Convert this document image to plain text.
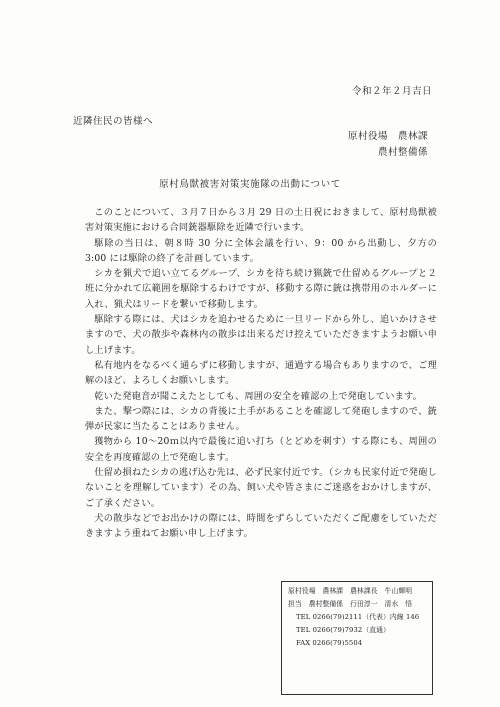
令和２年２月吉日
近隣住民の皆様へ
原村役場　農林課
農村整備係
原村鳥獣被害対策実施隊の出動について

このことについて、３月７日から３月 29 日の土日祝におきまして、原村鳥獣被害対策実施における合同銃器駆除を近隣で行います。

駆除の当日は、朝８時 30 分に全体会議を行い、9：00 から出動し、夕方の 3:00 には駆除の終了を計画しています。

シカを猟犬で追い立てるグループ、シカを待ち続け猟銃で仕留めるグループと２班に分かれて広範囲を駆除するわけですが、移動する際に銃は携帯用のホルダーに入れ、猟犬はリードを繋いで移動します。

駆除する際には、犬はシカを追わせるために一旦リードから外し、追いかけさせますので、犬の散歩や森林内の散歩は出来るだけ控えていただきますようお願い申し上げます。

私有地内をなるべく通らずに移動しますが、通過する場合もありますので、ご理解のほど、よろしくお願いします。

乾いた発砲音が聞こえたとしても、周囲の安全を確認の上で発砲しています。

また、撃つ際には、シカの背後に土手があることを確認して発砲しますので、銃弾が民家に当たることはありません。

獲物から 10～20ｍ以内で最後に追い打ち（とどめを刺す）する際にも、周囲の安全を再度確認の上で発砲します。

仕留め損ねたシカの逃げ込む先は、必ず民家付近です。（シカも民家付近で発砲しないことを理解しています）その為、飼い犬や皆さまにご迷惑をおかけしますが、ご了承ください。

犬の散歩などでお出かけの際には、時間をずらしていただくご配慮をしていただきますよう重ねてお願い申し上げます。

原村役場　農林課　農林課長　牛山輝明
担当　農村整備係　行田淳一　清水　悟
TEL 0266(79)2111（代表）内線 146
TEL 0266(79)7932（直通）
FAX 0266(79)5504
